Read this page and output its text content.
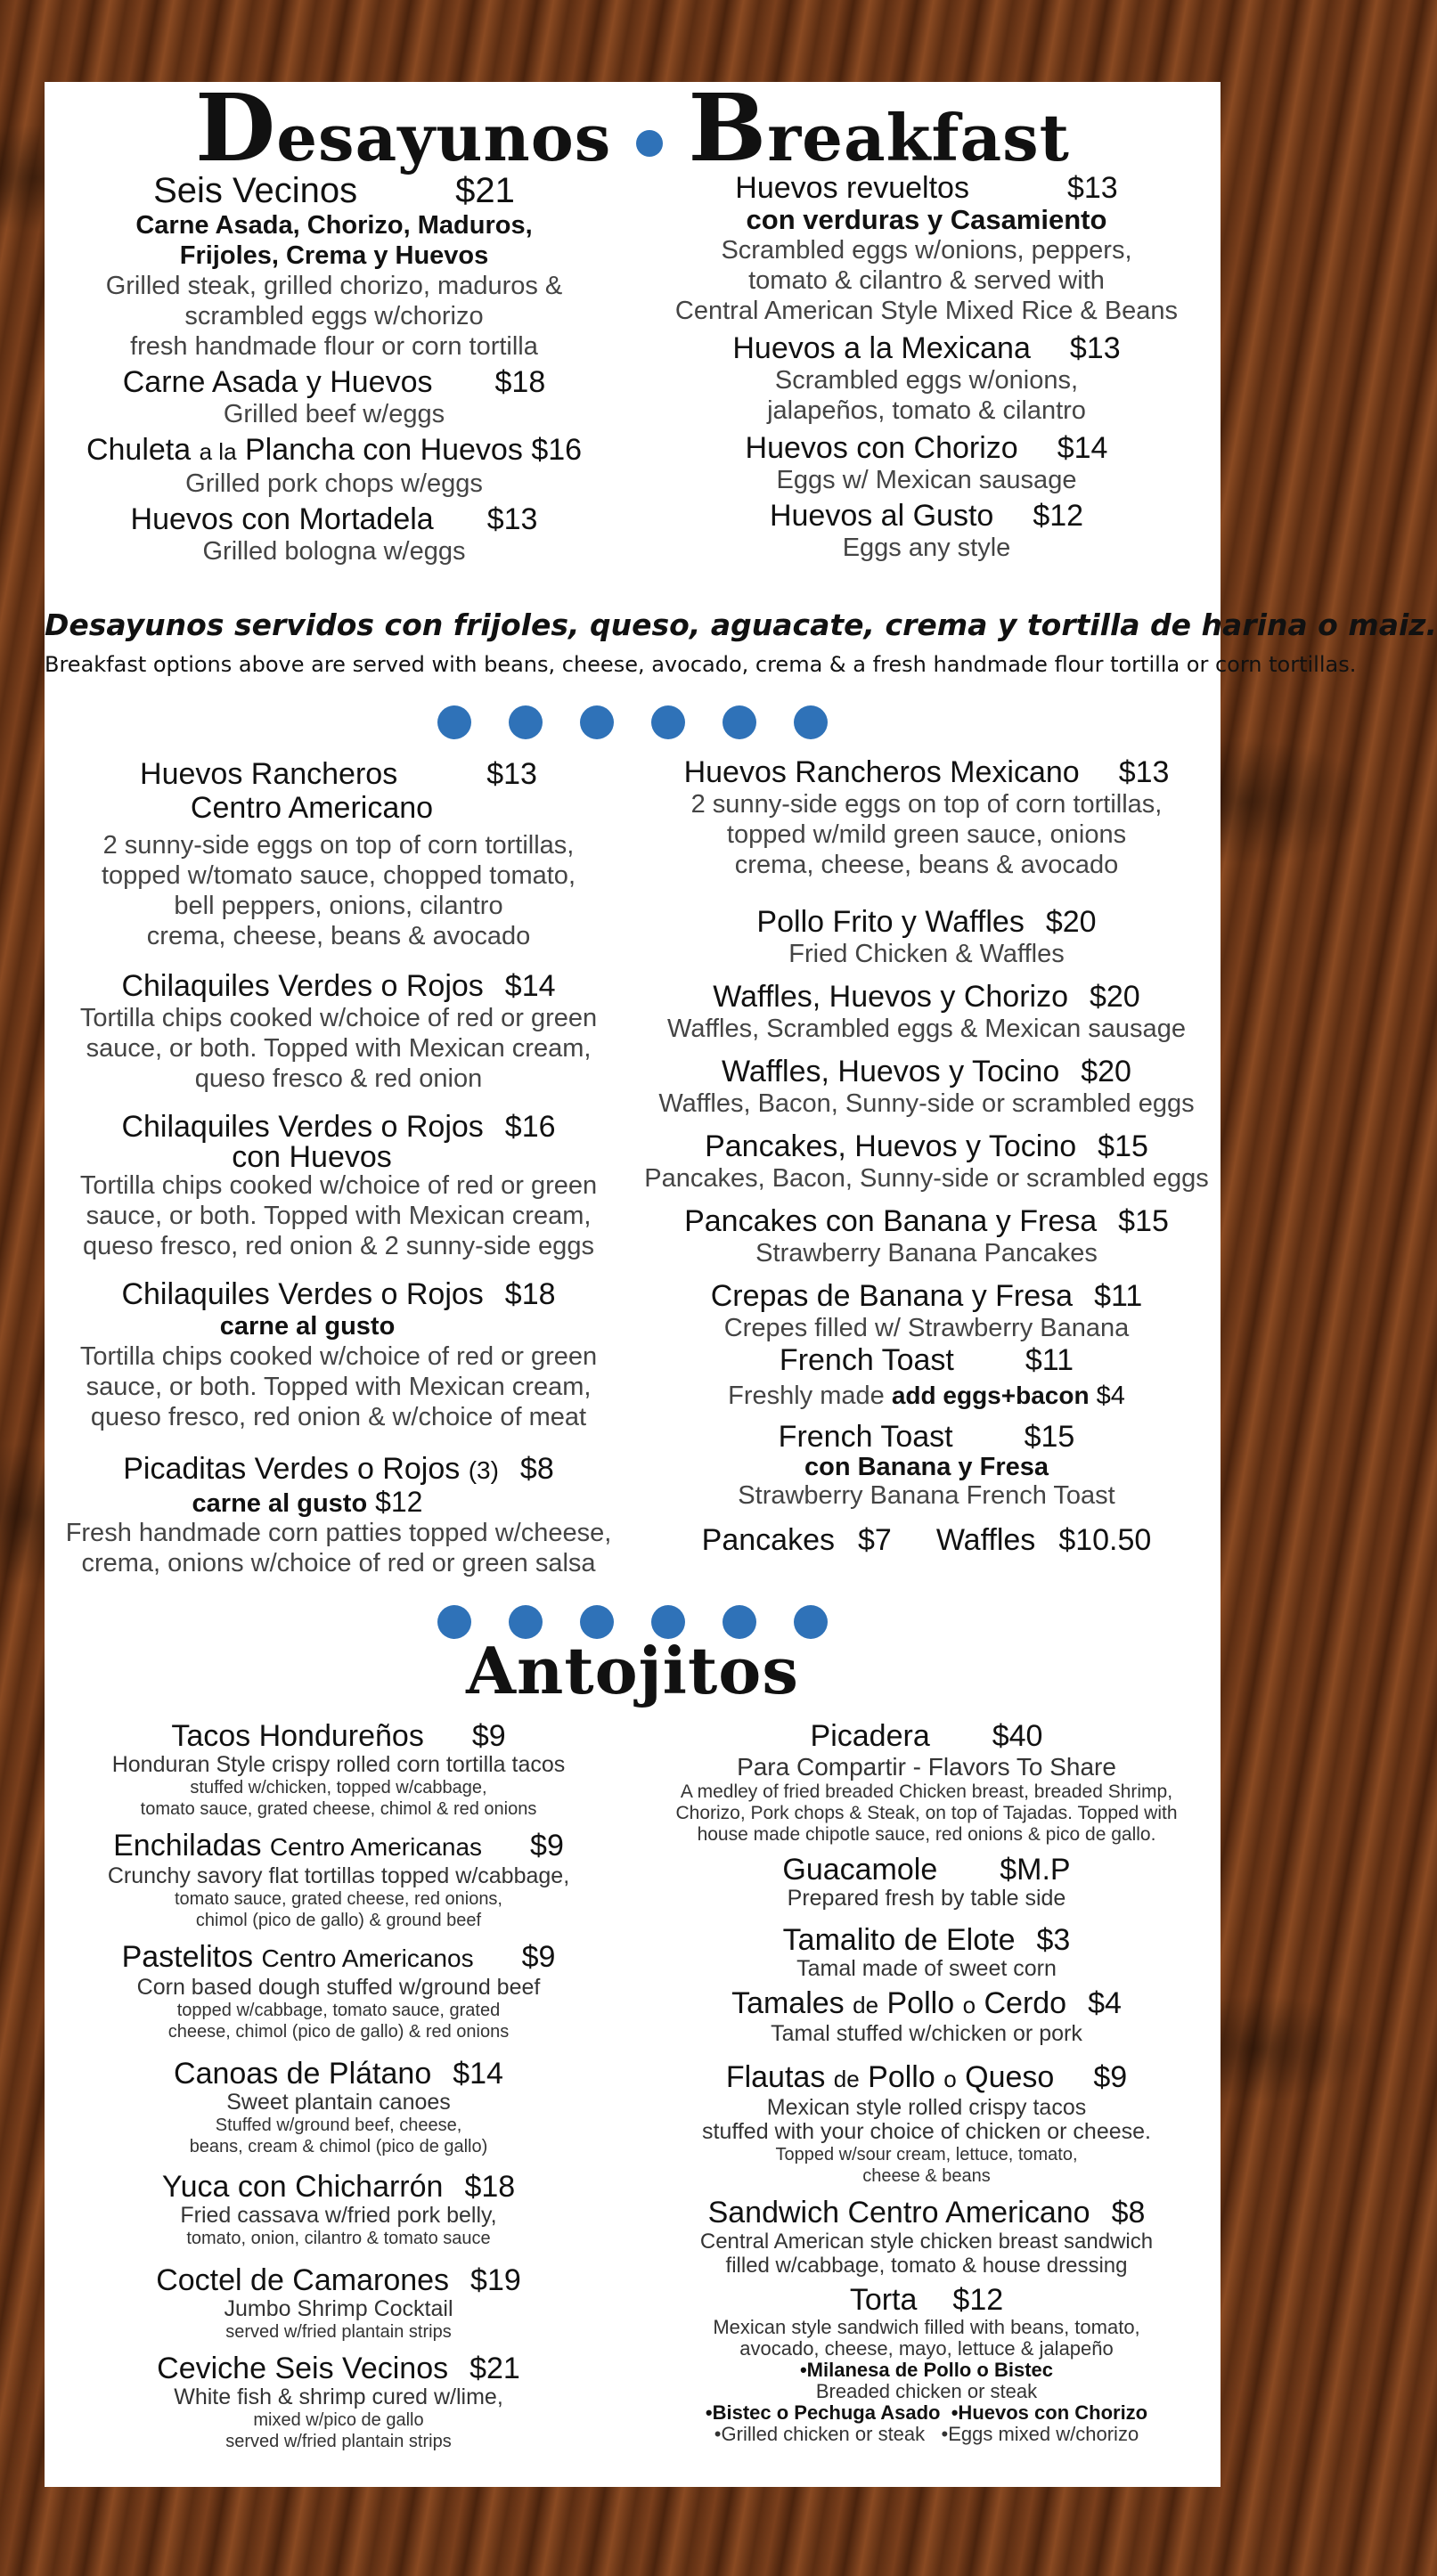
Desayunos Breakfast
Seis Vecinos	$21
Carne Asada, Chorizo, Maduros,
Frijoles, Crema y Huevos
Grilled steak, grilled chorizo, maduros &
scrambled eggs w/chorizo
fresh handmade flour or corn tortilla
Carne Asada y Huevos $18
Grilled beef w/eggs
Chuleta a la Plancha con Huevos $16
Grilled pork chops w/eggs
Huevos con Mortadela $13
Grilled bologna w/eggs
Huevos revueltos	$13
con verduras y Casamiento
Scrambled eggs w/onions, peppers,
tomato & cilantro & served with
Central American Style Mixed Rice & Beans
Huevos a la Mexicana $13
Scrambled eggs w/onions,
jalapeños, tomato & cilantro
Huevos con Chorizo $14
Eggs w/ Mexican sausage
Huevos al Gusto $12
Eggs any style
Desayunos servidos con frijoles, queso, aguacate, crema y tortilla de harina o maiz.
Breakfast options above are served with beans, cheese, avocado, crema & a fresh handmade flour tortilla or corn tortillas.
Huevos Rancheros	$13
Centro Americano
2 sunny-side eggs on top of corn tortillas,
topped w/tomato sauce, chopped tomato,
bell peppers, onions, cilantro
crema, cheese, beans & avocado
Chilaquiles Verdes o Rojos $14
Tortilla chips cooked w/choice of red or green
sauce, or both. Topped with Mexican cream,
queso fresco & red onion
Chilaquiles Verdes o Rojos $16
con Huevos
Tortilla chips cooked w/choice of red or green
sauce, or both. Topped with Mexican cream,
queso fresco, red onion & 2 sunny-side eggs
Chilaquiles Verdes o Rojos $18
carne al gusto
Tortilla chips cooked w/choice of red or green
sauce, or both. Topped with Mexican cream,
queso fresco, red onion & w/choice of meat
Picaditas Verdes o Rojos (3) $8
carne al gusto $12
Fresh handmade corn patties topped w/cheese,
crema, onions w/choice of red or green salsa
Huevos Rancheros Mexicano $13
2 sunny-side eggs on top of corn tortillas,
topped w/mild green sauce, onions
crema, cheese, beans & avocado
Pollo Frito y Waffles $20
Fried Chicken & Waffles
Waffles, Huevos y Chorizo $20
Waffles, Scrambled eggs & Mexican sausage
Waffles, Huevos y Tocino $20
Waffles, Bacon, Sunny-side or scrambled eggs
Pancakes, Huevos y Tocino $15
Pancakes, Bacon, Sunny-side or scrambled eggs
Pancakes con Banana y Fresa $15
Strawberry Banana Pancakes
Crepas de Banana y Fresa $11
Crepes filled w/ Strawberry Banana
French Toast $11
Freshly made add eggs+bacon $4
French Toast $15
con Banana y Fresa
Strawberry Banana French Toast
Pancakes $7 Waffles $10.50
Antojitos
Tacos Hondureños $9
Honduran Style crispy rolled corn tortilla tacos
stuffed w/chicken, topped w/cabbage,
tomato sauce, grated cheese, chimol & red onions
Enchiladas Centro Americanas $9
Crunchy savory flat tortillas topped w/cabbage,
tomato sauce, grated cheese, red onions,
chimol (pico de gallo) & ground beef
Pastelitos Centro Americanos $9
Corn based dough stuffed w/ground beef
topped w/cabbage, tomato sauce, grated
cheese, chimol (pico de gallo) & red onions
Canoas de Plátano $14
Sweet plantain canoes
Stuffed w/ground beef, cheese,
beans, cream & chimol (pico de gallo)
Yuca con Chicharrón $18
Fried cassava w/fried pork belly,
tomato, onion, cilantro & tomato sauce
Coctel de Camarones $19
Jumbo Shrimp Cocktail
served w/fried plantain strips
Ceviche Seis Vecinos $21
White fish & shrimp cured w/lime,
mixed w/pico de gallo
served w/fried plantain strips
Picadera $40
Para Compartir - Flavors To Share
A medley of fried breaded Chicken breast, breaded Shrimp,
Chorizo, Pork chops & Steak, on top of Tajadas. Topped with
house made chipotle sauce, red onions & pico de gallo.
Guacamole $M.P
Prepared fresh by table side
Tamalito de Elote $3
Tamal made of sweet corn
Tamales de Pollo o Cerdo $4
Tamal stuffed w/chicken or pork
Flautas de Pollo o Queso $9
Mexican style rolled crispy tacos
stuffed with your choice of chicken or cheese.
Topped w/sour cream, lettuce, tomato,
cheese & beans
Sandwich Centro Americano $8
Central American style chicken breast sandwich
filled w/cabbage, tomato & house dressing
Torta $12
Mexican style sandwich filled with beans, tomato,
avocado, cheese, mayo, lettuce & jalapeño
•Milanesa de Pollo o Bistec
Breaded chicken or steak
•Bistec o Pechuga Asado •Huevos con Chorizo
•Grilled chicken or steak •Eggs mixed w/chorizo
